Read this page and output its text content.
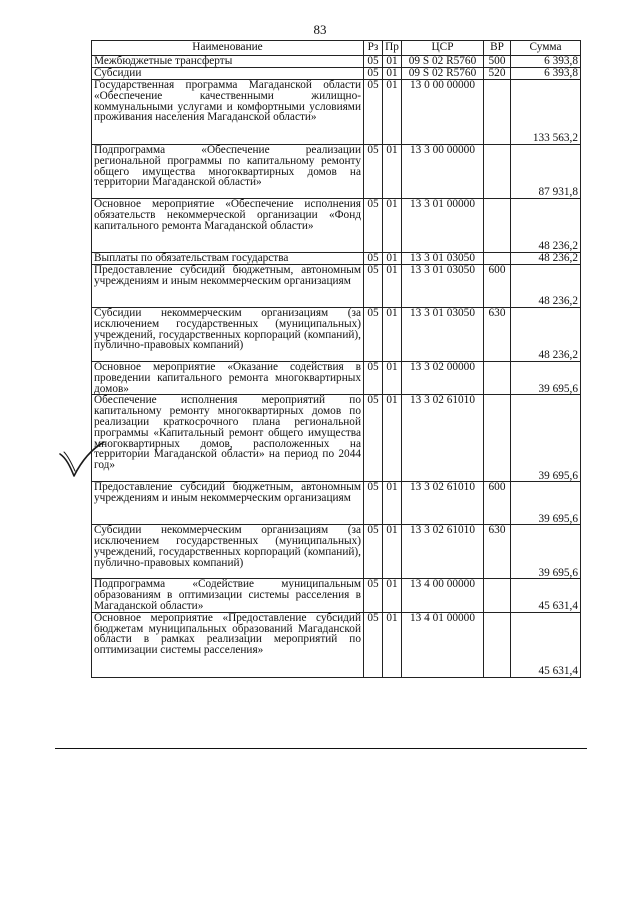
83
Наименование	Рз	Пр	ЦСР	ВР	Сумма
Межбюджетные трансферты	05	01	09 S 02 R5760	500	6 393,8
Субсидии	05	01	09 S 02 R5760	520	6 393,8
Государственная программа Магаданской области «Обеспечение качественными жилищно-коммунальными услугами и комфортными условиями проживания населения Магаданской области»	05	01	13 0 00 00000		133 563,2
Подпрограмма «Обеспечение реализации региональной программы по капитальному ремонту общего имущества многоквартирных домов на территории Магаданской области»	05	01	13 3 00 00000		87 931,8
Основное мероприятие «Обеспечение исполнения обязательств некоммерческой организации «Фонд капитального ремонта Магаданской области»	05	01	13 3 01 00000		48 236,2
Выплаты по обязательствам государства	05	01	13 3 01 03050		48 236,2
Предоставление субсидий бюджетным, автономным учреждениям и иным некоммерческим организациям	05	01	13 3 01 03050	600	48 236,2
Субсидии некоммерческим организациям (за исключением государственных (муниципальных) учреждений, государственных корпораций (компаний), публично-правовых компаний)	05	01	13 3 01 03050	630	48 236,2
Основное мероприятие «Оказание содействия в проведении капитального ремонта многоквартирных домов»	05	01	13 3 02 00000		39 695,6
Обеспечение исполнения мероприятий по капитальному ремонту многоквартирных домов по реализации краткосрочного плана региональной программы «Капитальный ремонт общего имущества многоквартирных домов, расположенных на территории Магаданской области» на период по 2044 год»	05	01	13 3 02 61010		39 695,6
Предоставление субсидий бюджетным, автономным учреждениям и иным некоммерческим организациям	05	01	13 3 02 61010	600	39 695,6
Субсидии некоммерческим организациям (за исключением государственных (муниципальных) учреждений, государственных корпораций (компаний), публично-правовых компаний)	05	01	13 3 02 61010	630	39 695,6
Подпрограмма «Содействие муниципальным образованиям в оптимизации системы расселения в Магаданской области»	05	01	13 4 00 00000		45 631,4
Основное мероприятие «Предоставление субсидий бюджетам муниципальных образований Магаданской области в рамках реализации мероприятий по оптимизации системы расселения»	05	01	13 4 01 00000		45 631,4
